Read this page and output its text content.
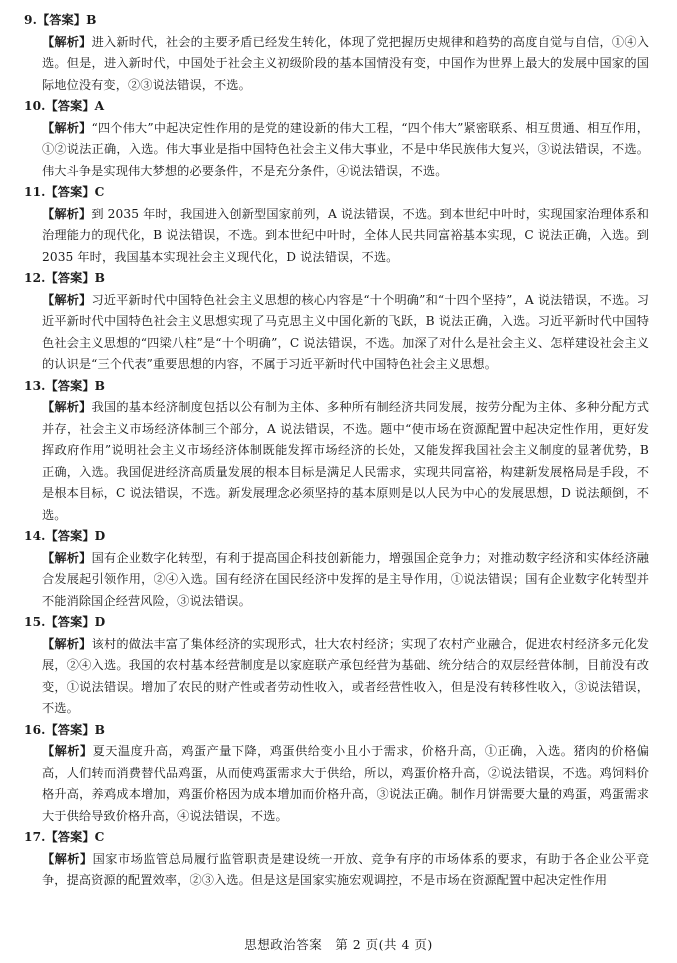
9.【答案】B
【解析】进入新时代，社会的主要矛盾已经发生转化，体现了党把握历史规律和趋势的高度自觉与自信，①④入选。但是，进入新时代，中国处于社会主义初级阶段的基本国情没有变，中国作为世界上最大的发展中国家的国际地位没有变，②③说法错误，不选。
10.【答案】A
【解析】“四个伟大”中起决定性作用的是党的建设新的伟大工程，“四个伟大”紧密联系、相互贯通、相互作用，①②说法正确，入选。伟大事业是指中国特色社会主义伟大事业，不是中华民族伟大复兴，③说法错误，不选。伟大斗争是实现伟大梦想的必要条件，不是充分条件，④说法错误，不选。
11.【答案】C
【解析】到 2035 年时，我国进入创新型国家前列，A 说法错误，不选。到本世纪中叶时，实现国家治理体系和治理能力的现代化，B 说法错误，不选。到本世纪中叶时，全体人民共同富裕基本实现，C 说法正确，入选。到 2035 年时，我国基本实现社会主义现代化，D 说法错误，不选。
12.【答案】B
【解析】习近平新时代中国特色社会主义思想的核心内容是“十个明确”和“十四个坚持”，A 说法错误，不选。习近平新时代中国特色社会主义思想实现了马克思主义中国化新的飞跃，B 说法正确，入选。习近平新时代中国特色社会主义思想的“四梁八柱”是“十个明确”，C 说法错误，不选。加深了对什么是社会主义、怎样建设社会主义的认识是“三个代表”重要思想的内容，不属于习近平新时代中国特色社会主义思想。
13.【答案】B
【解析】我国的基本经济制度包括以公有制为主体、多种所有制经济共同发展，按劳分配为主体、多种分配方式并存，社会主义市场经济体制三个部分，A 说法错误，不选。题中“使市场在资源配置中起决定性作用，更好发挥政府作用”说明社会主义市场经济体制既能发挥市场经济的长处，又能发挥我国社会主义制度的显著优势，B 正确，入选。我国促进经济高质量发展的根本目标是满足人民需求，实现共同富裕，构建新发展格局是手段，不是根本目标，C 说法错误，不选。新发展理念必须坚持的基本原则是以人民为中心的发展思想，D 说法颠倒，不选。
14.【答案】D
【解析】国有企业数字化转型，有利于提高国企科技创新能力，增强国企竞争力；对推动数字经济和实体经济融合发展起引领作用，②④入选。国有经济在国民经济中发挥的是主导作用，①说法错误；国有企业数字化转型并不能消除国企经营风险，③说法错误。
15.【答案】D
【解析】该村的做法丰富了集体经济的实现形式，壮大农村经济；实现了农村产业融合，促进农村经济多元化发展，②④入选。我国的农村基本经营制度是以家庭联产承包经营为基础、统分结合的双层经营体制，目前没有改变，①说法错误。增加了农民的财产性或者劳动性收入，或者经营性收入，但是没有转移性收入，③说法错误，不选。
16.【答案】B
【解析】夏天温度升高，鸡蛋产量下降，鸡蛋供给变小且小于需求，价格升高，①正确，入选。猪肉的价格偏高，人们转而消费替代品鸡蛋，从而使鸡蛋需求大于供给，所以，鸡蛋价格升高，②说法错误，不选。鸡饲料价格升高，养鸡成本增加，鸡蛋价格因为成本增加而价格升高，③说法正确。制作月饼需要大量的鸡蛋，鸡蛋需求大于供给导致价格升高，④说法错误，不选。
17.【答案】C
【解析】国家市场监管总局履行监管职责是建设统一开放、竞争有序的市场体系的要求，有助于各企业公平竞争，提高资源的配置效率，②③入选。但是这是国家实施宏观调控，不是市场在资源配置中起决定性作用
思想政治答案　第 2 页(共 4 页)
